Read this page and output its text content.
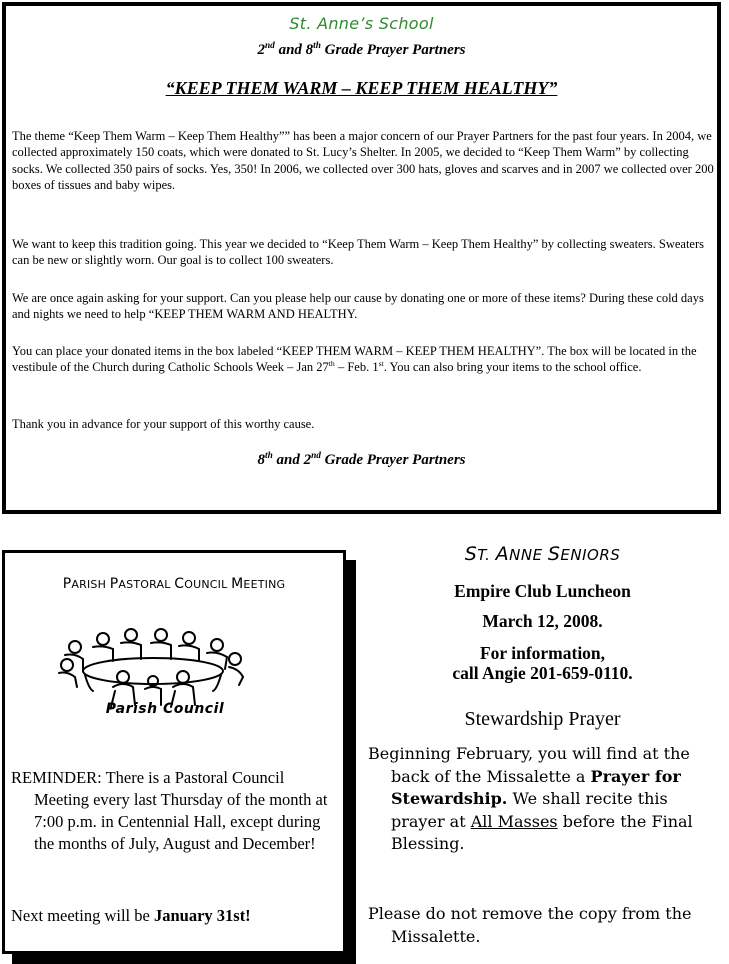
St. Anne’s School
2nd and 8th Grade Prayer Partners
“KEEP THEM WARM – KEEP THEM HEALTHY”
The theme “Keep Them Warm – Keep Them Healthy”” has been a major concern of our Prayer Partners for the past four years. In 2004, we collected approximately 150 coats, which were donated to St. Lucy’s Shelter. In 2005, we decided to “Keep Them Warm” by collecting socks. We collected 350 pairs of socks. Yes, 350! In 2006, we collected over 300 hats, gloves and scarves and in 2007 we collected over 200 boxes of tissues and baby wipes.
We want to keep this tradition going. This year we decided to “Keep Them Warm – Keep Them Healthy” by collecting sweaters. Sweaters can be new or slightly worn. Our goal is to collect 100 sweaters.
We are once again asking for your support. Can you please help our cause by donating one or more of these items? During these cold days and nights we need to help “KEEP THEM WARM AND HEALTHY.
You can place your donated items in the box labeled “KEEP THEM WARM – KEEP THEM HEALTHY”. The box will be located in the vestibule of the Church during Catholic Schools Week – Jan 27th – Feb. 1st. You can also bring your items to the school office.
Thank you in advance for your support of this worthy cause.
8th and 2nd Grade Prayer Partners
PARISH PASTORAL COUNCIL MEETING
Parish Council
REMINDER: There is a Pastoral Council Meeting every last Thursday of the month at 7:00 p.m. in Centennial Hall, except during the months of July, August and December!
Next meeting will be January 31st!
ST. ANNE SENIORS
Empire Club Luncheon
March 12, 2008.
For information,
call Angie 201-659-0110.
Stewardship Prayer
Beginning February, you will find at the back of the Missalette a Prayer for Stewardship. We shall recite this prayer at All Masses before the Final Blessing.
Please do not remove the copy from the Missalette.
